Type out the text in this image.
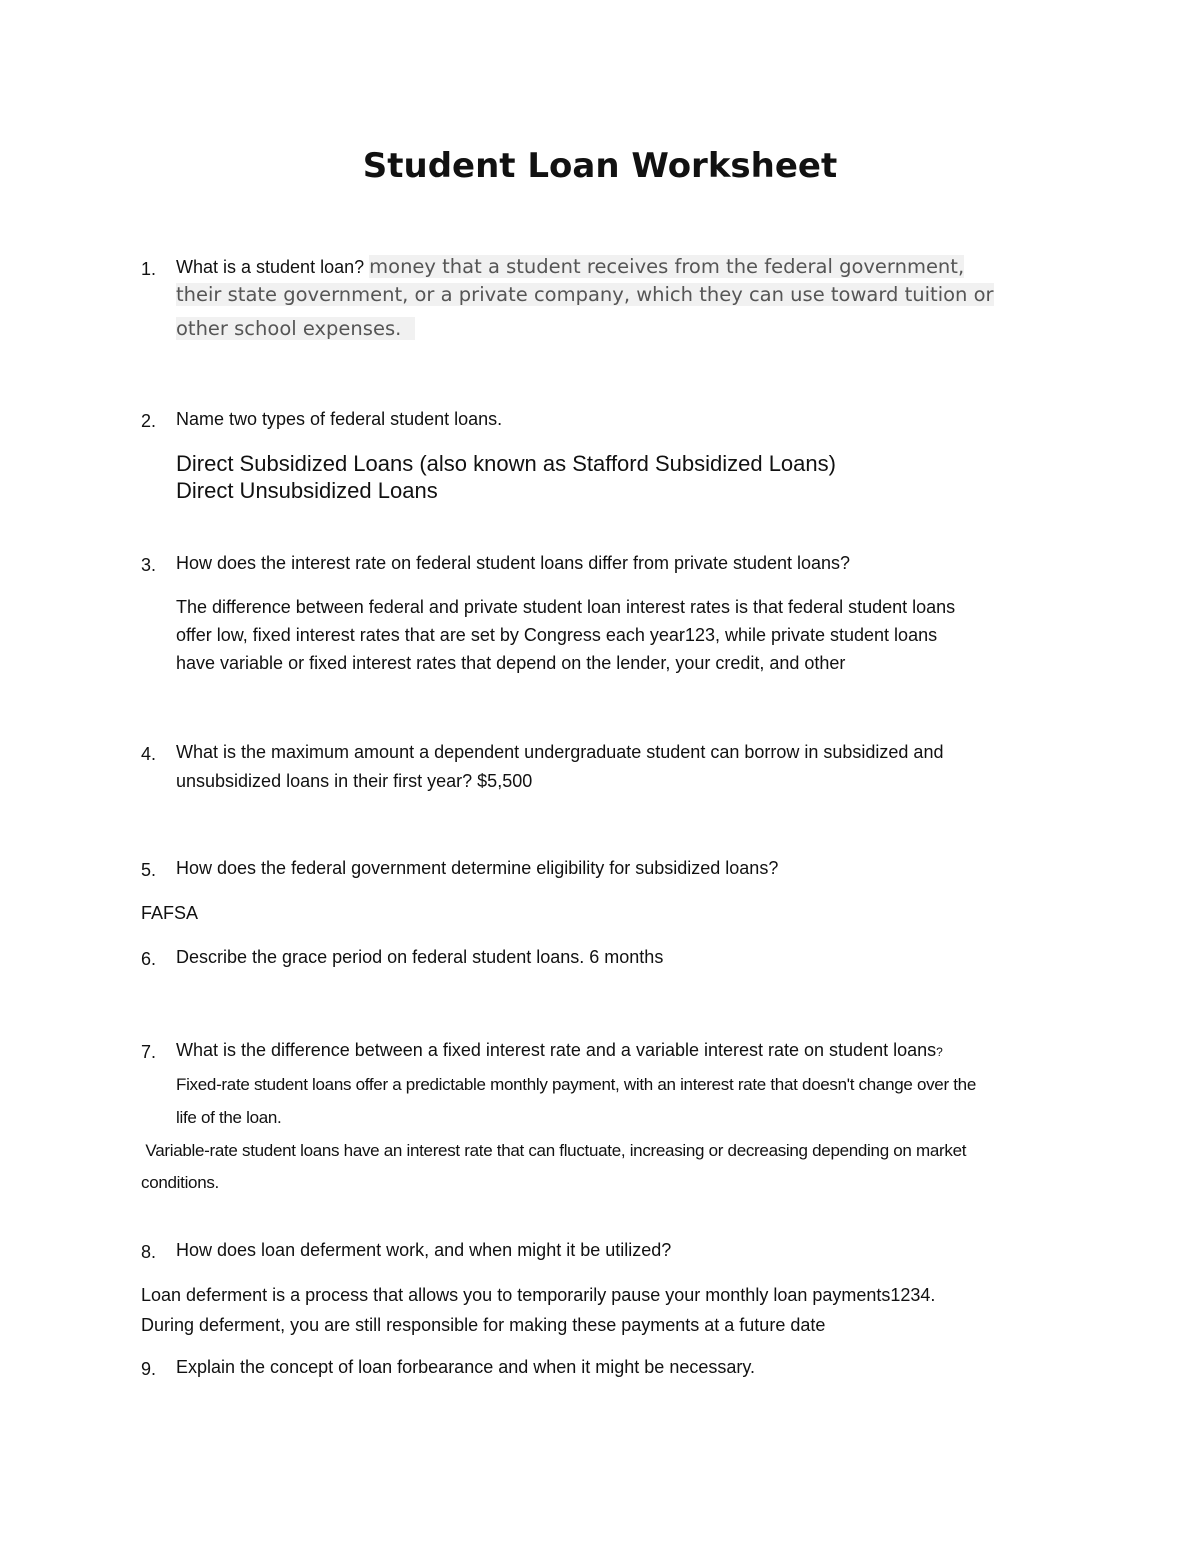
Student Loan Worksheet
1. What is a student loan? money that a student receives from the federal government,
their state government, or a private company, which they can use toward tuition or
other school expenses.
2. Name two types of federal student loans.
Direct Subsidized Loans (also known as Stafford Subsidized Loans)
Direct Unsubsidized Loans
3. How does the interest rate on federal student loans differ from private student loans?
The difference between federal and private student loan interest rates is that federal student loans
offer low, fixed interest rates that are set by Congress each year123, while private student loans
have variable or fixed interest rates that depend on the lender, your credit, and other
4. What is the maximum amount a dependent undergraduate student can borrow in subsidized and
unsubsidized loans in their first year? $5,500
5. How does the federal government determine eligibility for subsidized loans?
FAFSA
6. Describe the grace period on federal student loans. 6 months
7. What is the difference between a fixed interest rate and a variable interest rate on student loans?
Fixed-rate student loans offer a predictable monthly payment, with an interest rate that doesn't change over the
life of the loan.
Variable-rate student loans have an interest rate that can fluctuate, increasing or decreasing depending on market
conditions.
8. How does loan deferment work, and when might it be utilized?
Loan deferment is a process that allows you to temporarily pause your monthly loan payments1234.
During deferment, you are still responsible for making these payments at a future date
9. Explain the concept of loan forbearance and when it might be necessary.
